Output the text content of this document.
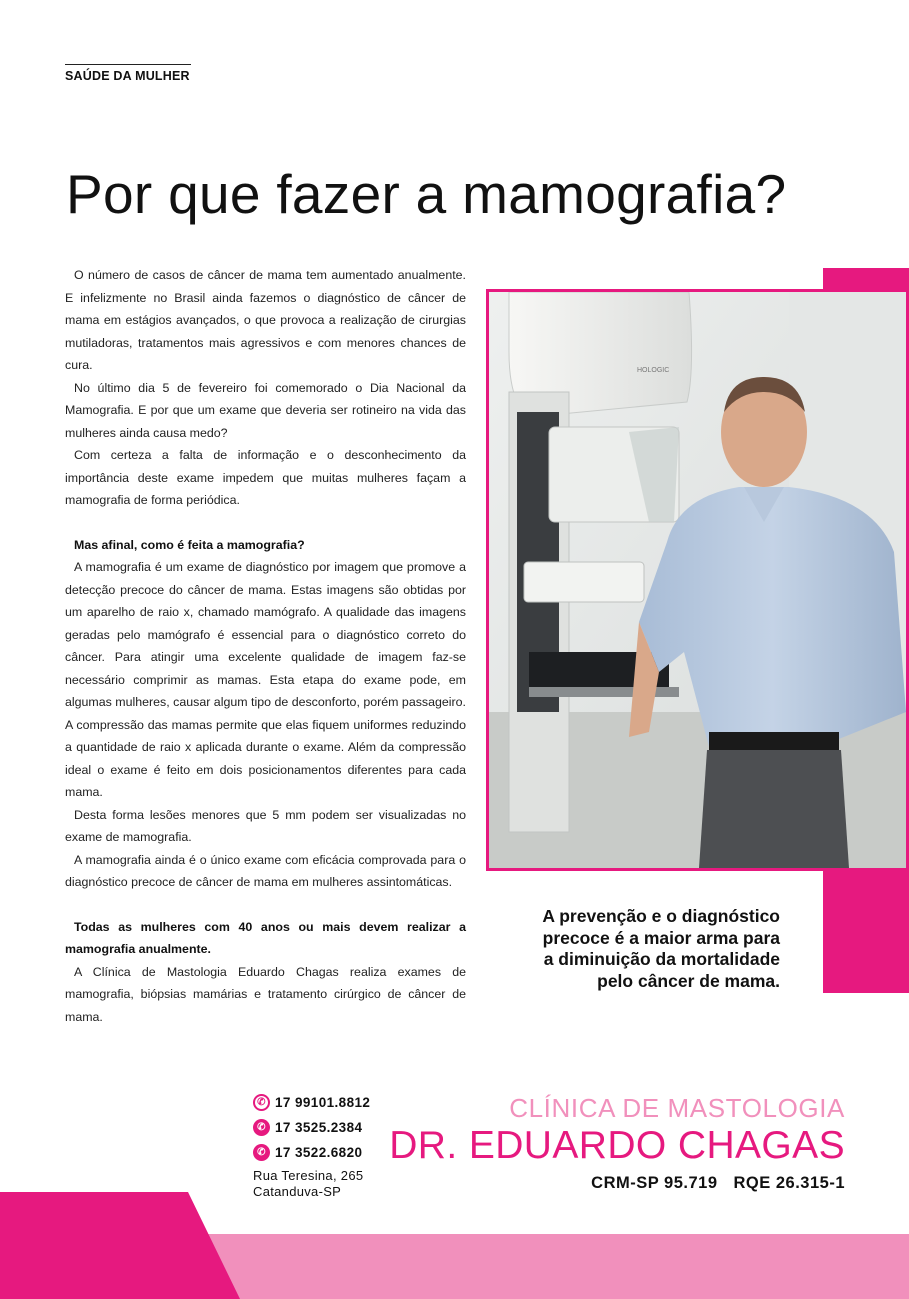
SAÚDE DA MULHER
Por que fazer a mamografia?

O número de casos de câncer de mama tem aumentado anualmente. E infelizmente no Brasil ainda fazemos o diagnóstico de câncer de mama em estágios avançados, o que provoca a realização de cirurgias mutiladoras, tratamentos mais agressivos e com menores chances de cura.

No último dia 5 de fevereiro foi comemorado o Dia Nacional da Mamografia. E por que um exame que deveria ser rotineiro na vida das mulheres ainda causa medo?

Com certeza a falta de informação e o desconhecimento da importância deste exame impedem que muitas mulheres façam a mamografia de forma periódica.

Mas afinal, como é feita a mamografia?

A mamografia é um exame de diagnóstico por imagem que promove a detecção precoce do câncer de mama. Estas imagens são obtidas por um aparelho de raio x, chamado mamógrafo. A qualidade das imagens geradas pelo mamógrafo é essencial para o diagnóstico correto do câncer. Para atingir uma excelente qualidade de imagem faz-se necessário comprimir as mamas. Esta etapa do exame pode, em algumas mulheres, causar algum tipo de desconforto, porém passageiro. A compressão das mamas permite que elas fiquem uniformes reduzindo a quantidade de raio x aplicada durante o exame. Além da compressão ideal o exame é feito em dois posicionamentos diferentes para cada mama.

Desta forma lesões menores que 5 mm podem ser visualizadas no exame de mamografia.

A mamografia ainda é o único exame com eficácia comprovada para o diagnóstico precoce de câncer de mama em mulheres assintomáticas.

Todas as mulheres com 40 anos ou mais devem realizar a mamografia anualmente.

A Clínica de Mastologia Eduardo Chagas realiza exames de mamografia, biópsias mamárias e tratamento cirúrgico de câncer de mama.

HOLOGIC
A prevenção e o diagnóstico
precoce é a maior arma para
a diminuição da mortalidade
pelo câncer de mama.
✆ 17 99101.8812
✆ 17 3525.2384
✆ 17 3522.6820
Rua Teresina, 265
Catanduva-SP
CLÍNICA DE MASTOLOGIA
DR. EDUARDO CHAGAS
CRM-SP 95.719 RQE 26.315-1
